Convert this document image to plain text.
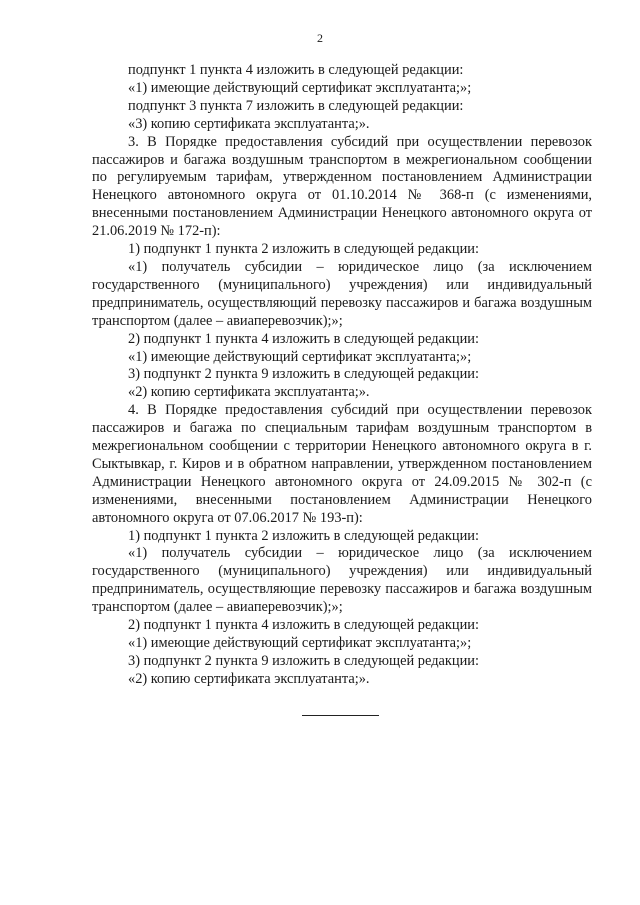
2

подпункт 1 пункта 4 изложить в следующей редакции:

«1) имеющие действующий сертификат эксплуатанта;»;

подпункт 3 пункта 7 изложить в следующей редакции:

«3) копию сертификата эксплуатанта;».

3. В Порядке предоставления субсидий при осуществлении перевозок пассажиров и багажа воздушным транспортом в межрегиональном сообщении по регулируемым тарифам, утвержденном постановлением Администрации Ненецкого автономного округа от 01.10.2014 № 368-п (с изменениями, внесенными постановлением Администрации Ненецкого автономного округа от 21.06.2019 № 172-п):

1) подпункт 1 пункта 2 изложить в следующей редакции:

«1) получатель субсидии – юридическое лицо (за исключением государственного (муниципального) учреждения) или индивидуальный предприниматель, осуществляющий перевозку пассажиров и багажа воздушным транспортом (далее – авиаперевозчик);»;

2) подпункт 1 пункта 4 изложить в следующей редакции:

«1) имеющие действующий сертификат эксплуатанта;»;

3) подпункт 2 пункта 9 изложить в следующей редакции:

«2) копию сертификата эксплуатанта;».

4. В Порядке предоставления субсидий при осуществлении перевозок пассажиров и багажа по специальным тарифам воздушным транспортом в межрегиональном сообщении с территории Ненецкого автономного округа в г. Сыктывкар, г. Киров и в обратном направлении, утвержденном постановлением Администрации Ненецкого автономного округа от 24.09.2015 № 302-п (с изменениями, внесенными постановлением Администрации Ненецкого автономного округа от 07.06.2017 № 193-п):

1) подпункт 1 пункта 2 изложить в следующей редакции:

«1) получатель субсидии – юридическое лицо (за исключением государственного (муниципального) учреждения) или индивидуальный предприниматель, осуществляющие перевозку пассажиров и багажа воздушным транспортом (далее – авиаперевозчик);»;

2) подпункт 1 пункта 4 изложить в следующей редакции:

«1) имеющие действующий сертификат эксплуатанта;»;

3) подпункт 2 пункта 9 изложить в следующей редакции:

«2) копию сертификата эксплуатанта;».
